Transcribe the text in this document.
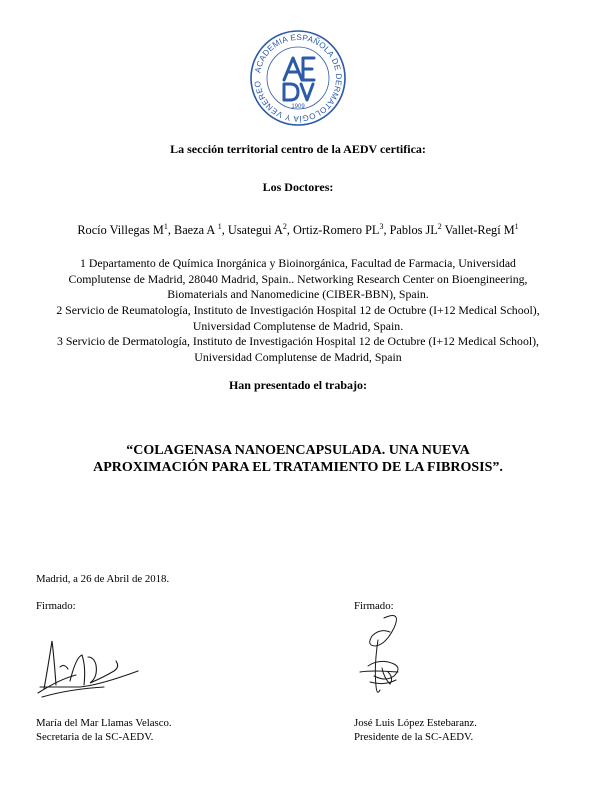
ACADEMIA ESPAÑOLA DE DERMATOLOGÍA Y VENEREO
1909
La sección territorial centro de la AEDV certifica:
Los Doctores:
Rocío Villegas $M^1$, Baeza A $^1$, Usategui $A^2$, Ortiz-Romero $PL^3$, Pablos $JL^2$ Vallet-Regí $M^1$
1 Departamento de Química Inorgánica y Bioinorgánica, Facultad de Farmacia, Universidad Complutense de Madrid, 28040 Madrid, Spain.. Networking Research Center on Bioengineering, Biomaterials and Nanomedicine (CIBER-BBN), Spain.
2 Servicio de Reumatología, Instituto de Investigación Hospital 12 de Octubre (I+12 Medical School), Universidad Complutense de Madrid, Spain.
3 Servicio de Dermatología, Instituto de Investigación Hospital 12 de Octubre (I+12 Medical School), Universidad Complutense de Madrid, Spain
Han presentado el trabajo:
“COLAGENASA NANOENCAPSULADA. UNA NUEVA
APROXIMACIÓN PARA EL TRATAMIENTO DE LA FIBROSIS”.
Madrid, a 26 de Abril de 2018.
Firmado:	Firmado:
María del Mar Llamas Velasco.
Secretaria de la SC-AEDV.
José Luis López Estebaranz.
Presidente de la SC-AEDV.
